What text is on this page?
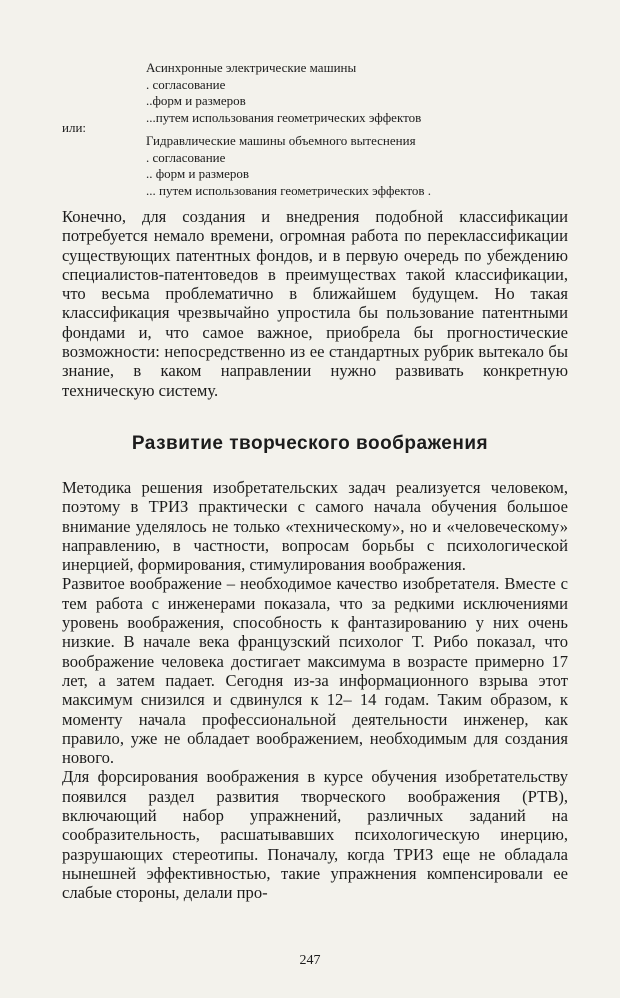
Асинхронные электрические машины
. согласование
..форм и размеров
...путем использования геометрических эффектов
или:
Гидравлические машины объемного вытеснения
. согласование
.. форм и размеров
... путем использования геометрических эффектов .

Конечно, для создания и внедрения подобной классификации потребуется немало времени, огромная работа по переклассификации существующих патентных фондов, и в первую очередь по убеждению специалистов-патентоведов в преимуществах такой классификации, что весьма проблематично в ближайшем будущем. Но такая классификация чрезвычайно упростила бы пользование патентными фондами и, что самое важное, приобрела бы прогностические возможности: непосредственно из ее стандартных рубрик вытекало бы знание, в каком направлении нужно развивать конкретную техническую систему.

Развитие творческого воображения

Методика решения изобретательских задач реализуется человеком, поэтому в ТРИЗ практически с самого начала обучения большое внимание уделялось не только «техническому», но и «человеческому» направлению, в частности, вопросам борьбы с психологической инерцией, формирования, стимулирования воображения.

Развитое воображение – необходимое качество изобретателя. Вместе с тем работа с инженерами показала, что за редкими исключениями уровень воображения, способность к фантазированию у них очень низкие. В начале века французский психолог Т. Рибо показал, что воображение человека достигает максимума в возрасте примерно 17 лет, а затем падает. Сегодня из-за информационного взрыва этот максимум снизился и сдвинулся к 12– 14 годам. Таким образом, к моменту начала профессиональной деятельности инженер, как правило, уже не обладает воображением, необходимым для создания нового.

Для форсирования воображения в курсе обучения изобретательству появился раздел развития творческого воображения (РТВ), включающий набор упражнений, различных заданий на сообразительность, расшатывавших психологическую инерцию, разрушающих стереотипы. Поначалу, когда ТРИЗ еще не обладала нынешней эффективностью, такие упражнения компенсировали ее слабые стороны, делали про-

247
